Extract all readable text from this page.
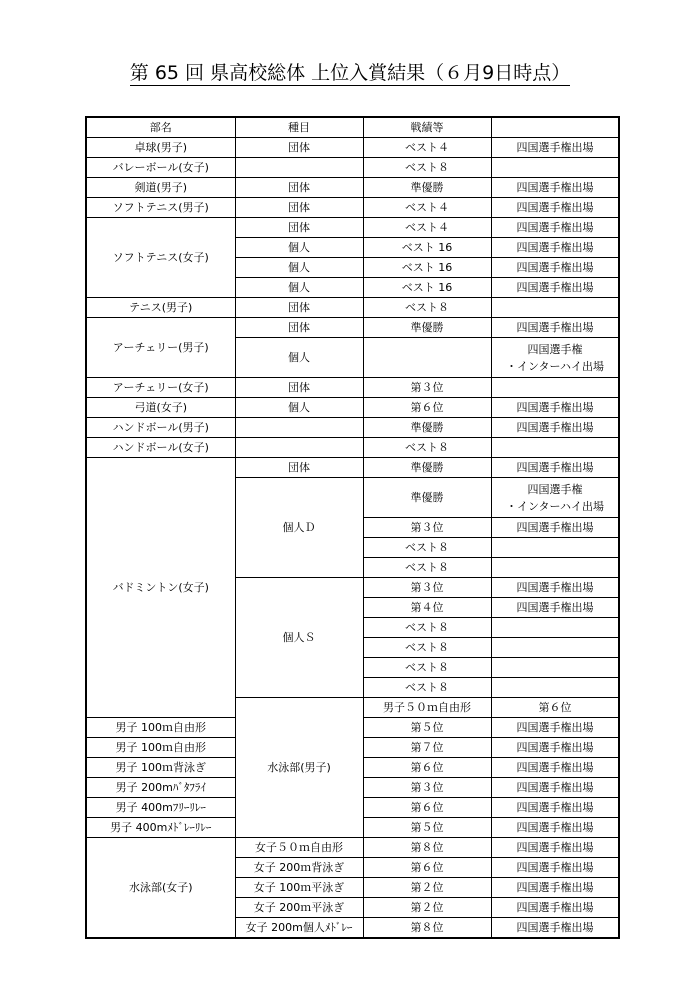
第 65 回 県高校総体 上位入賞結果（６月9日時点）
部名	種目	戦績等		
卓球(男子)	団体	ベスト４	四国選手権出場	
バレーボール(女子)		ベスト８		
剣道(男子)	団体	準優勝	四国選手権出場	
ソフトテニス(男子)	団体	ベスト４	四国選手権出場	
ソフトテニス(女子)	団体	ベスト４	四国選手権出場	
	個人	ベスト 16	四国選手権出場	
	個人	ベスト 16	四国選手権出場	
	個人	ベスト 16	四国選手権出場	
テニス(男子)	団体	ベスト８		
アーチェリー(男子)	団体	準優勝	四国選手権出場	
	個人		四国選手権
・インターハイ出場	
アーチェリー(女子)	団体	第３位		
弓道(女子)	個人	第６位	四国選手権出場	
ハンドボール(男子)		準優勝	四国選手権出場	
ハンドボール(女子)		ベスト８		
バドミントン(女子)	団体	準優勝	四国選手権出場	
	個人Ｄ	準優勝	四国選手権
・インターハイ出場	
		第３位	四国選手権出場	
		ベスト８		
		ベスト８		
	個人Ｓ	第３位	四国選手権出場	
		第４位	四国選手権出場	
		ベスト８		
		ベスト８		
		ベスト８		
		ベスト８		
	水泳部(男子)	男子５０ｍ自由形	第６位	
男子 100ｍ自由形		第５位	四国選手権出場	
男子 100ｍ自由形		第７位	四国選手権出場	
男子 100ｍ背泳ぎ		第６位	四国選手権出場	
男子 200mﾊﾞﾀﾌﾗｲ		第３位	四国選手権出場	
男子 400mﾌﾘｰﾘﾚｰ		第６位	四国選手権出場	
男子 400mﾒﾄﾞﾚｰﾘﾚｰ		第５位	四国選手権出場	
水泳部(女子)	女子５０ｍ自由形	第８位	四国選手権出場	
	女子 200ｍ背泳ぎ	第６位	四国選手権出場	
	女子 100ｍ平泳ぎ	第２位	四国選手権出場	
	女子 200ｍ平泳ぎ	第２位	四国選手権出場	
	女子 200m個人ﾒﾄﾞﾚｰ	第８位	四国選手権出場	
